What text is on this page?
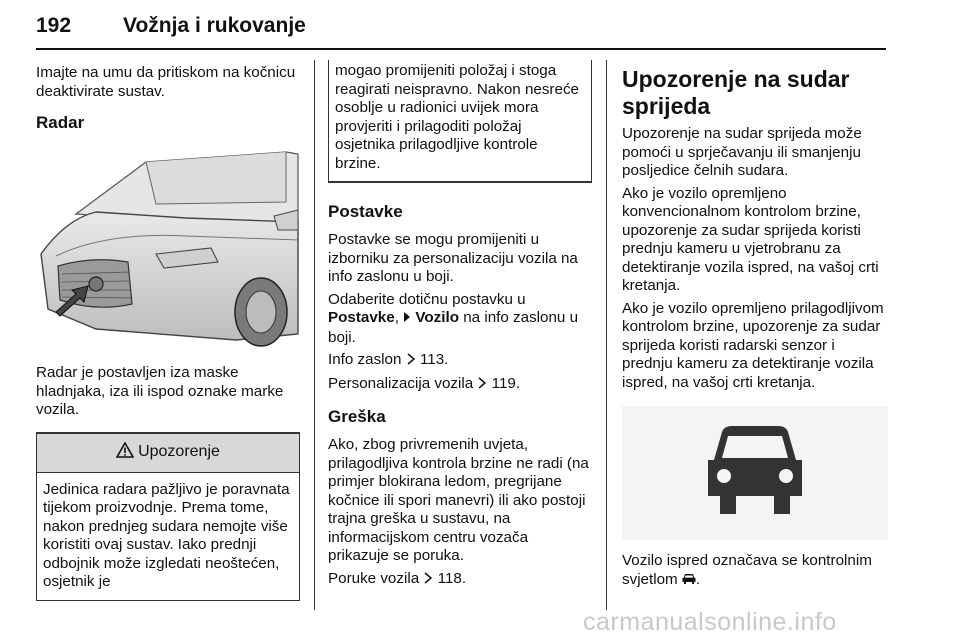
192 Vožnja i rukovanje

Imajte na umu da pritiskom na kočnicu deaktivirate sustav.

Radar

Radar je postavljen iza maske hladnjaka, iza ili ispod oznake marke vozila.

Upozorenje

Jedinica radara pažljivo je poravnata tijekom proizvodnje. Prema tome, nakon prednjeg sudara nemojte više koristiti ovaj sustav. Iako prednji odbojnik može izgledati neoštećen, osjetnik je

mogao promijeniti položaj i stoga reagirati neispravno. Nakon nesreće osoblje u radionici uvijek mora provjeriti i prilagoditi položaj osjetnika prilagodljive kontrole brzine.

Postavke

Postavke se mogu promijeniti u izborniku za personalizaciju vozila na info zaslonu u boji.

Odaberite dotičnu postavku u
Postavke,  Vozilo na info zaslonu u boji.

Info zaslon 113.

Personalizacija vozila 119.

Greška

Ako, zbog privremenih uvjeta, prilagodljiva kontrola brzine ne radi (na primjer blokirana ledom, pregrijane kočnice ili spori manevri) ili ako postoji trajna greška u sustavu, na informacijskom centru vozača prikazuje se poruka.

Poruke vozila 118.

Upozorenje na sudar sprijeda

Upozorenje na sudar sprijeda može pomoći u sprječavanju ili smanjenju posljedice čelnih sudara.

Ako je vozilo opremljeno konvencionalnom kontrolom brzine, upozorenje za sudar sprijeda koristi prednju kameru u vjetrobranu za detektiranje vozila ispred, na vašoj crti kretanja.

Ako je vozilo opremljeno prilagodljivom kontrolom brzine, upozorenje za sudar sprijeda koristi radarski senzor i prednju kameru za detektiranje vozila ispred, na vašoj crti kretanja.

Vozilo ispred označava se kontrolnim svjetlom .

carmanualsonline.info
